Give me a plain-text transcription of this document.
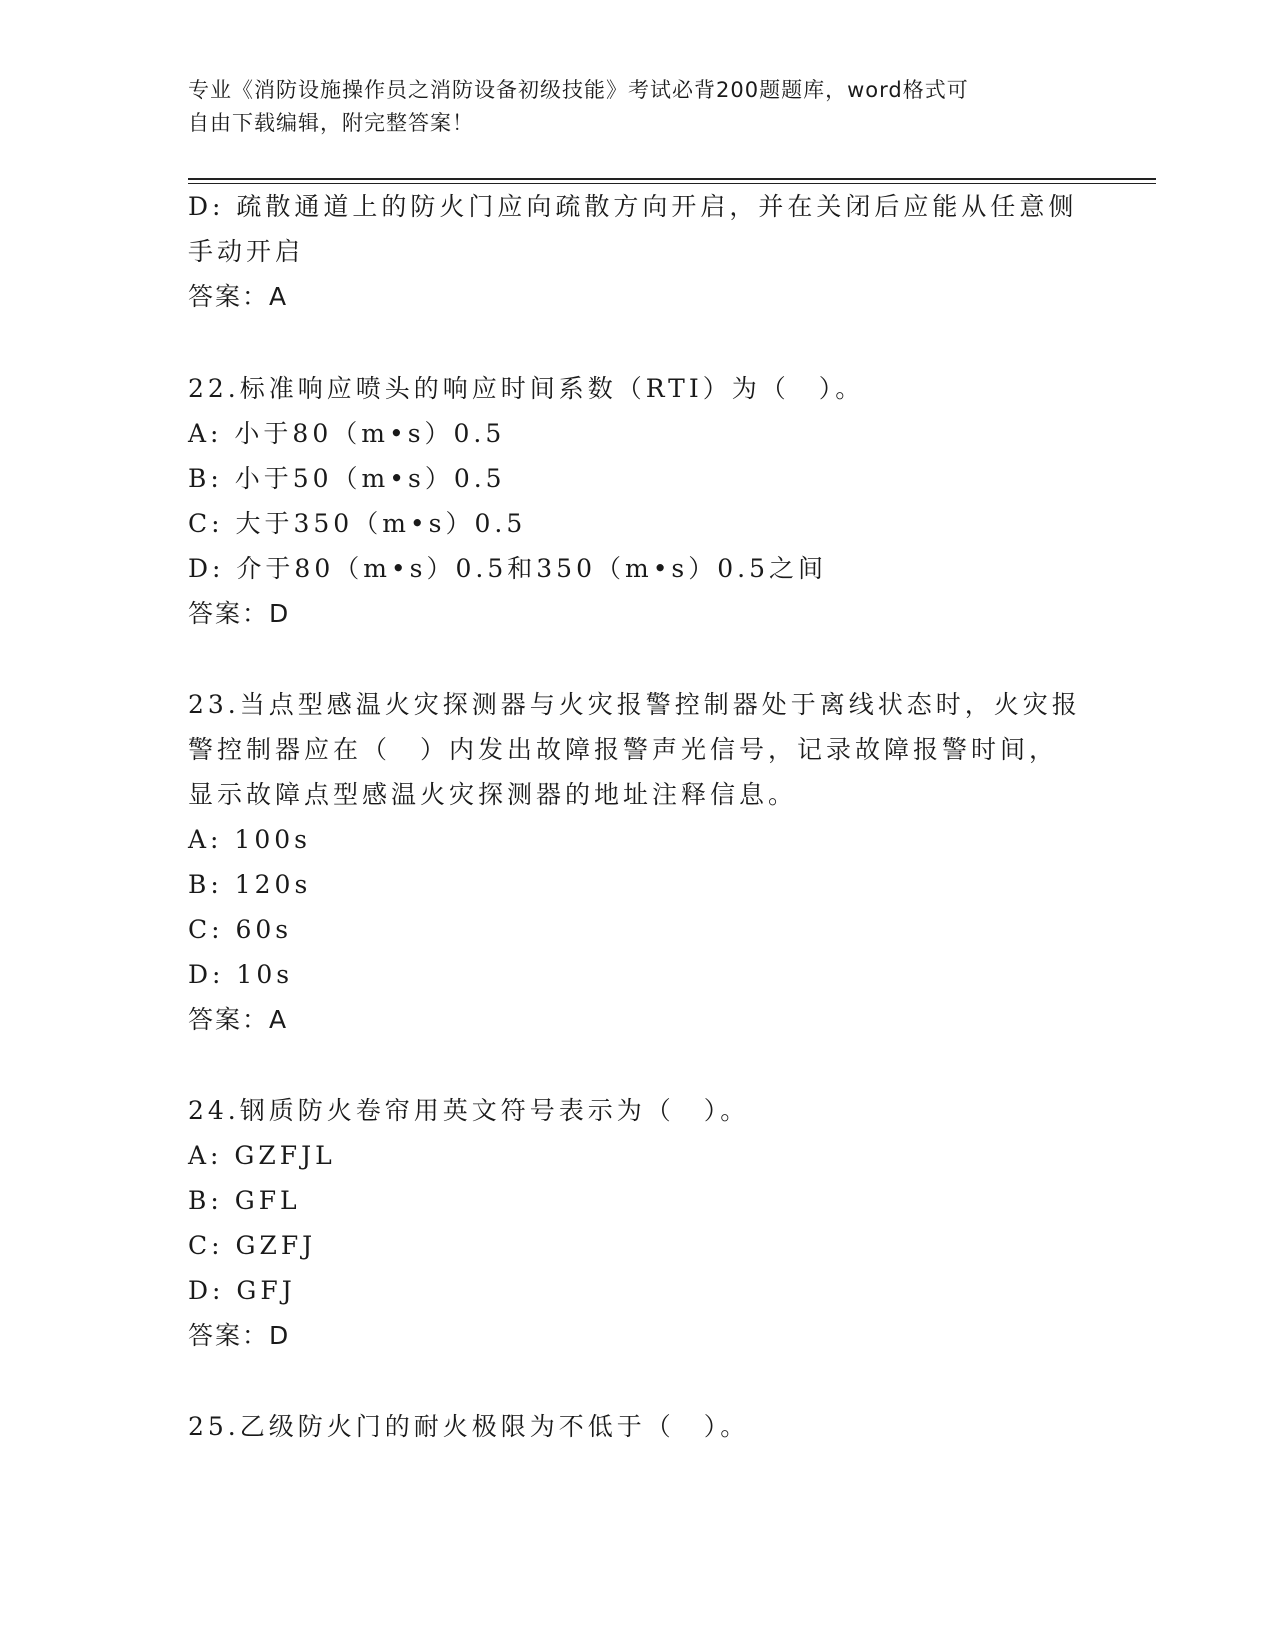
专业《消防设施操作员之消防设备初级技能》考试必背200题题库，word格式可
自由下载编辑，附完整答案！
D: 疏散通道上的防火门应向疏散方向开启，并在关闭后应能从任意侧
手动开启
答案：A
22.标准响应喷头的响应时间系数（RTI）为（　）。
A: 小于80（m•s）0.5
B: 小于50（m•s）0.5
C: 大于350（m•s）0.5
D: 介于80（m•s）0.5和350（m•s）0.5之间
答案：D
23.当点型感温火灾探测器与火灾报警控制器处于离线状态时，火灾报
警控制器应在（　）内发出故障报警声光信号，记录故障报警时间，
显示故障点型感温火灾探测器的地址注释信息。
A: 100s
B: 120s
C: 60s
D: 10s
答案：A
24.钢质防火卷帘用英文符号表示为（　）。
A: GZFJL
B: GFL
C: GZFJ
D: GFJ
答案：D
25.乙级防火门的耐火极限为不低于（　）。
